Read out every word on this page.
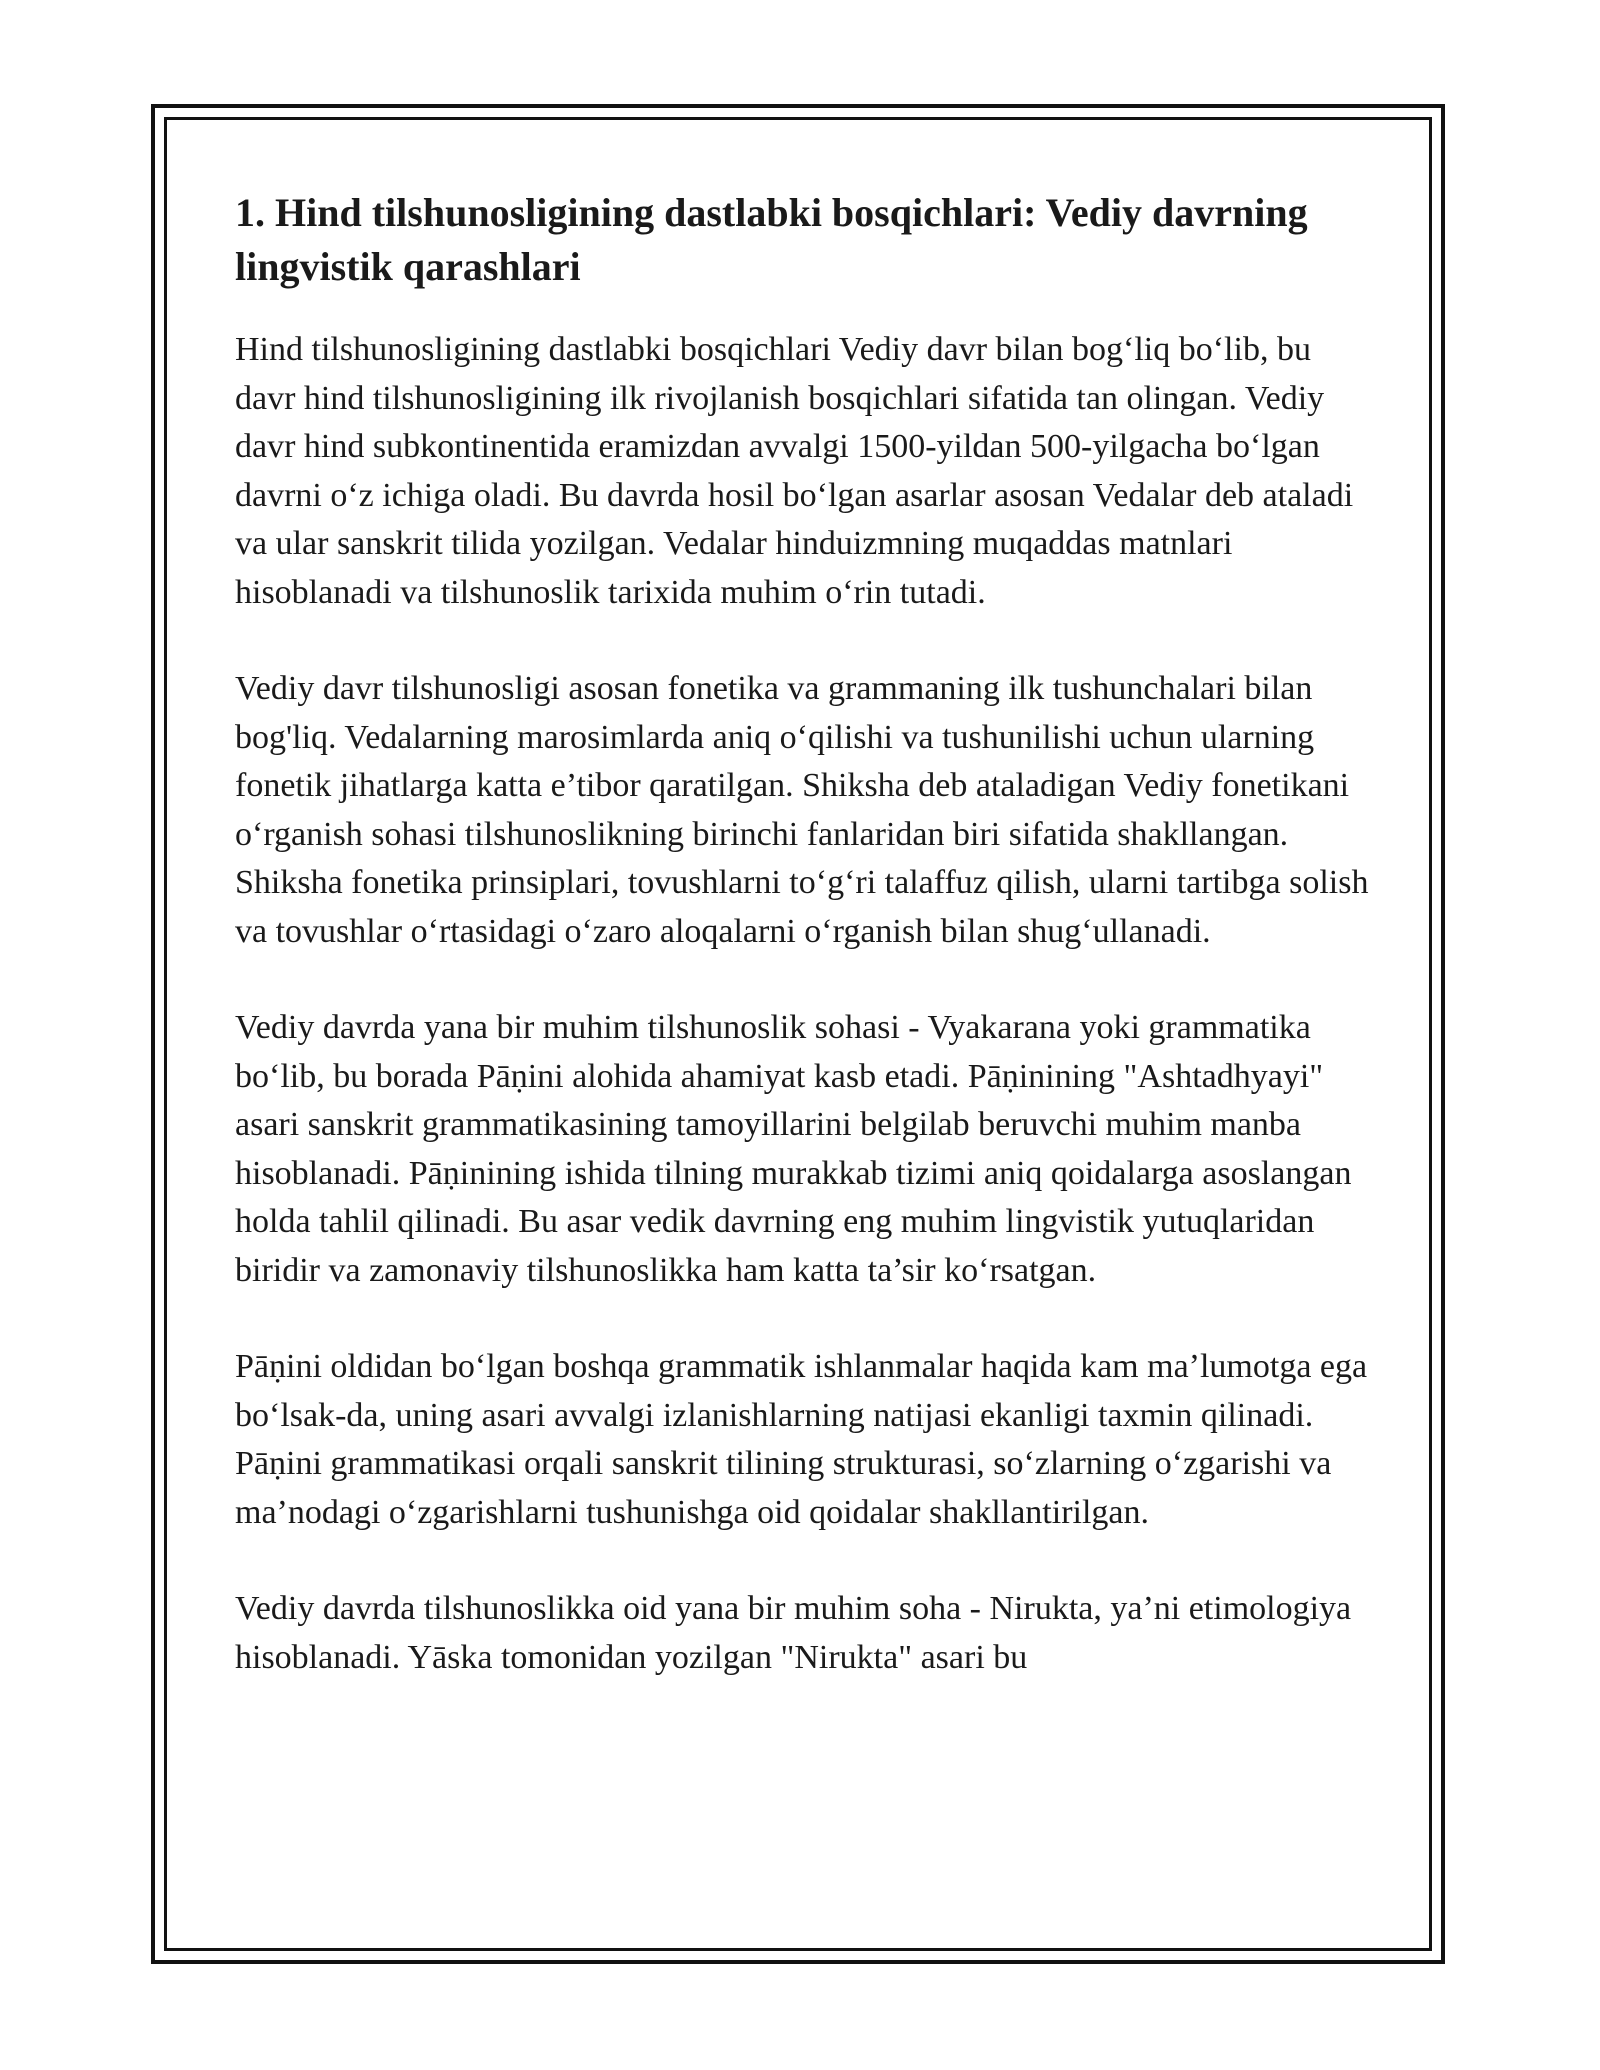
1. Hind tilshunosligining dastlabki bosqichlari: Vediy davrning lingvistik qarashlari

Hind tilshunosligining dastlabki bosqichlari Vediy davr bilan bog‘liq bo‘lib, bu davr hind tilshunosligining ilk rivojlanish bosqichlari sifatida tan olingan. Vediy davr hind subkontinentida eramizdan avvalgi 1500-yildan 500-yilgacha bo‘lgan davrni o‘z ichiga oladi. Bu davrda hosil bo‘lgan asarlar asosan Vedalar deb ataladi va ular sanskrit tilida yozilgan. Vedalar hinduizmning muqaddas matnlari hisoblanadi va tilshunoslik tarixida muhim o‘rin tutadi.

Vediy davr tilshunosligi asosan fonetika va grammaning ilk tushunchalari bilan bog'liq. Vedalarning marosimlarda aniq o‘qilishi va tushunilishi uchun ularning fonetik jihatlarga katta e’tibor qaratilgan. Shiksha deb ataladigan Vediy fonetikani o‘rganish sohasi tilshunoslikning birinchi fanlaridan biri sifatida shakllangan. Shiksha fonetika prinsiplari, tovushlarni to‘g‘ri talaffuz qilish, ularni tartibga solish va tovushlar o‘rtasidagi o‘zaro aloqalarni o‘rganish bilan shug‘ullanadi.

Vediy davrda yana bir muhim tilshunoslik sohasi - Vyakarana yoki grammatika bo‘lib, bu borada Pāṇini alohida ahamiyat kasb etadi. Pāṇinining "Ashtadhyayi" asari sanskrit grammatikasining tamoyillarini belgilab beruvchi muhim manba hisoblanadi. Pāṇinining ishida tilning murakkab tizimi aniq qoidalarga asoslangan holda tahlil qilinadi. Bu asar vedik davrning eng muhim lingvistik yutuqlaridan biridir va zamonaviy tilshunoslikka ham katta ta’sir ko‘rsatgan.

Pāṇini oldidan bo‘lgan boshqa grammatik ishlanmalar haqida kam ma’lumotga ega bo‘lsak-da, uning asari avvalgi izlanishlarning natijasi ekanligi taxmin qilinadi. Pāṇini grammatikasi orqali sanskrit tilining strukturasi, so‘zlarning o‘zgarishi va ma’nodagi o‘zgarishlarni tushunishga oid qoidalar shakllantirilgan.

Vediy davrda tilshunoslikka oid yana bir muhim soha - Nirukta, ya’ni etimologiya hisoblanadi. Yāska tomonidan yozilgan "Nirukta" asari bu
